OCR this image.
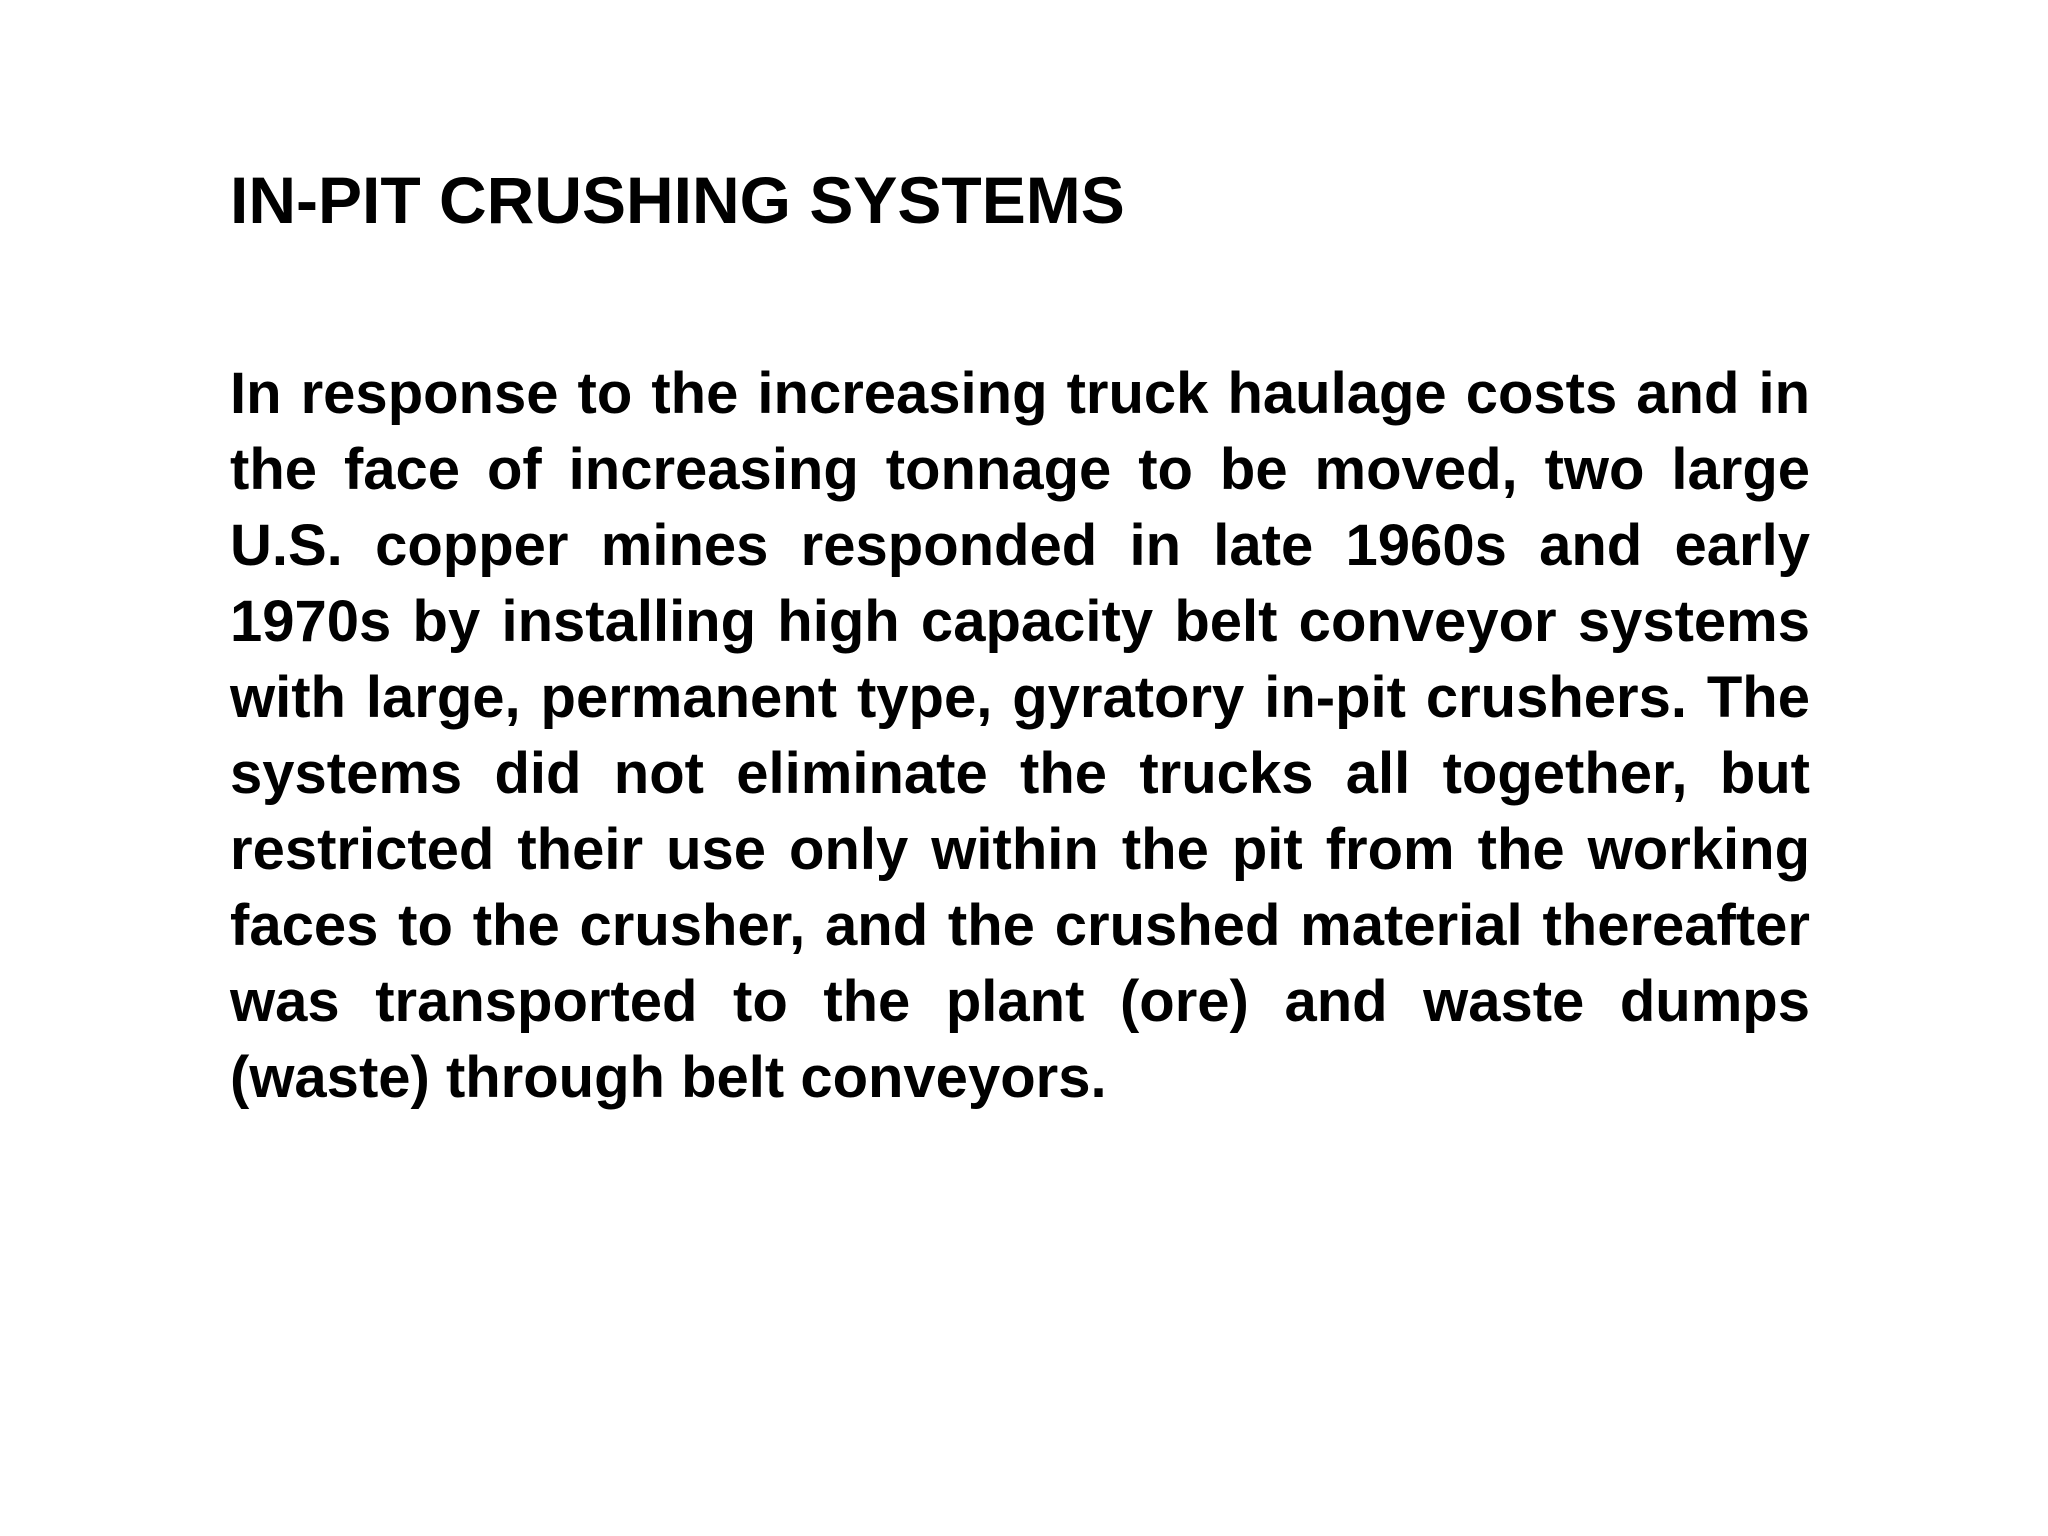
IN-PIT CRUSHING SYSTEMS

In response to the increasing truck haulage costs and in the face of increasing tonnage to be moved, two large U.S. copper mines responded in late 1960s and early 1970s by installing high capacity belt conveyor systems with large, permanent type, gyratory in-pit crushers. The systems did not eliminate the trucks all together, but restricted their use only within the pit from the working faces to the crusher, and the crushed material thereafter was transported to the plant (ore) and waste dumps (waste) through belt conveyors.
